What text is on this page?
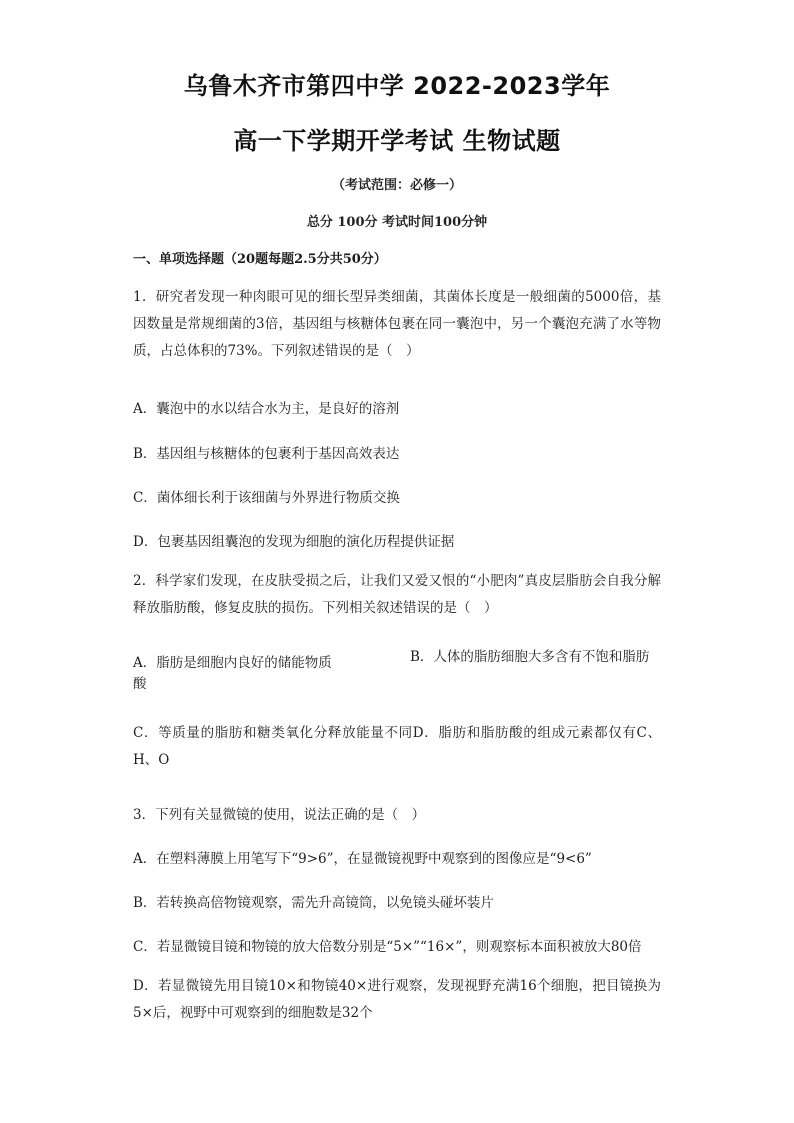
乌鲁木齐市第四中学 2022-2023学年
高一下学期开学考试 生物试题
（考试范围：必修一）
总分 100分 考试时间100分钟
一、单项选择题（20题每题2.5分共50分）
1．研究者发现一种肉眼可见的细长型异类细菌，其菌体长度是一般细菌的5000倍，基因数量是常规细菌的3倍，基因组与核糖体包裹在同一囊泡中，另一个囊泡充满了水等物质，占总体积的73%。下列叙述错误的是（　）
A．囊泡中的水以结合水为主，是良好的溶剂
B．基因组与核糖体的包裹利于基因高效表达
C．菌体细长利于该细菌与外界进行物质交换
D．包裹基因组囊泡的发现为细胞的演化历程提供证据
2．科学家们发现，在皮肤受损之后，让我们又爱又恨的“小肥肉”真皮层脂肪会自我分解释放脂肪酸，修复皮肤的损伤。下列相关叙述错误的是（　）
A．脂肪是细胞内良好的储能物质	B．人体的脂肪细胞大多含有不饱和脂肪
酸
C．等质量的脂肪和糖类氧化分释放能量不同D．脂肪和脂肪酸的组成元素都仅有C、H、O
3．下列有关显微镜的使用，说法正确的是（　）
A．在塑料薄膜上用笔写下“9>6”，在显微镜视野中观察到的图像应是“9<6”
B．若转换高倍物镜观察，需先升高镜筒，以免镜头碰坏装片
C．若显微镜目镜和物镜的放大倍数分别是“5×”“16×”，则观察标本面积被放大80倍
D．若显微镜先用目镜10×和物镜40×进行观察，发现视野充满16个细胞，把目镜换为5×后，视野中可观察到的细胞数是32个
